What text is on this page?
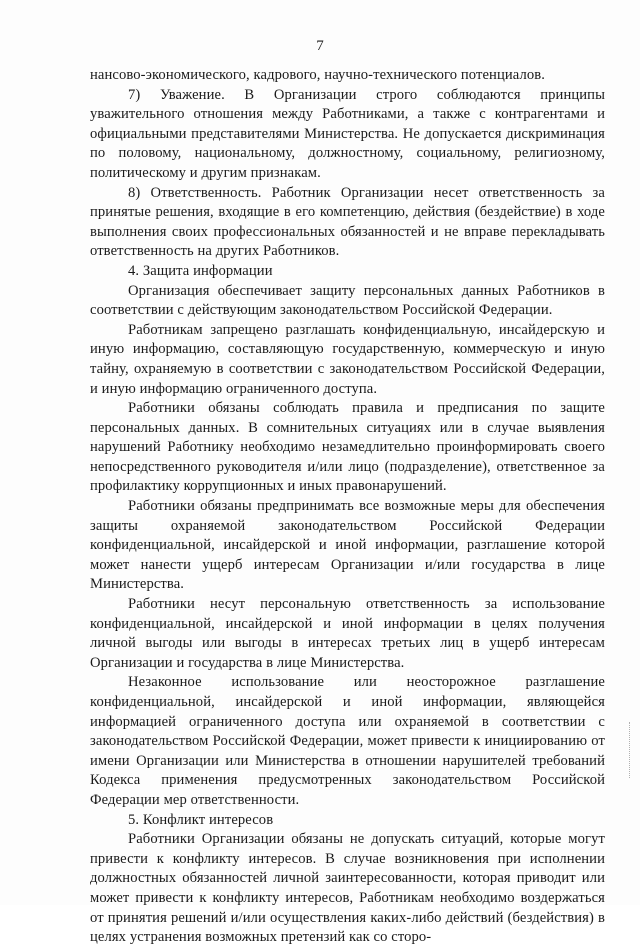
7

нансово-экономического, кадрового, научно-технического потенциалов.

7) Уважение. В Организации строго соблюдаются принципы уважительного отношения между Работниками, а также с контрагентами и официальными представителями Министерства. Не допускается дискриминация по половому, национальному, должностному, социальному, религиозному, политическому и другим признакам.

8) Ответственность. Работник Организации несет ответственность за принятые решения, входящие в его компетенцию, действия (бездействие) в ходе выполнения своих профессиональных обязанностей и не вправе перекладывать ответственность на других Работников.

4. Защита информации

Организация обеспечивает защиту персональных данных Работников в соответствии с действующим законодательством Российской Федерации.

Работникам запрещено разглашать конфиденциальную, инсайдерскую и иную информацию, составляющую государственную, коммерческую и иную тайну, охраняемую в соответствии с законодательством Российской Федерации, и иную информацию ограниченного доступа.

Работники обязаны соблюдать правила и предписания по защите персональных данных. В сомнительных ситуациях или в случае выявления нарушений Работнику необходимо незамедлительно проинформировать своего непосредственного руководителя и/или лицо (подразделение), ответственное за профилактику коррупционных и иных правонарушений.

Работники обязаны предпринимать все возможные меры для обеспечения защиты охраняемой законодательством Российской Федерации конфиденциальной, инсайдерской и иной информации, разглашение которой может нанести ущерб интересам Организации и/или государства в лице Министерства.

Работники несут персональную ответственность за использование конфиденциальной, инсайдерской и иной информации в целях получения личной выгоды или выгоды в интересах третьих лиц в ущерб интересам Организации и государства в лице Министерства.

Незаконное использование или неосторожное разглашение конфиденциальной, инсайдерской и иной информации, являющейся информацией ограниченного доступа или охраняемой в соответствии с законодательством Российской Федерации, может привести к инициированию от имени Организации или Министерства в отношении нарушителей требований Кодекса применения предусмотренных законодательством Российской Федерации мер ответственности.

5. Конфликт интересов

Работники Организации обязаны не допускать ситуаций, которые могут привести к конфликту интересов. В случае возникновения при исполнении должностных обязанностей личной заинтересованности, которая приводит или может привести к конфликту интересов, Работникам необходимо воздержаться от принятия решений и/или осуществления каких-либо действий (бездействия) в целях устранения возможных претензий как со сторо-
